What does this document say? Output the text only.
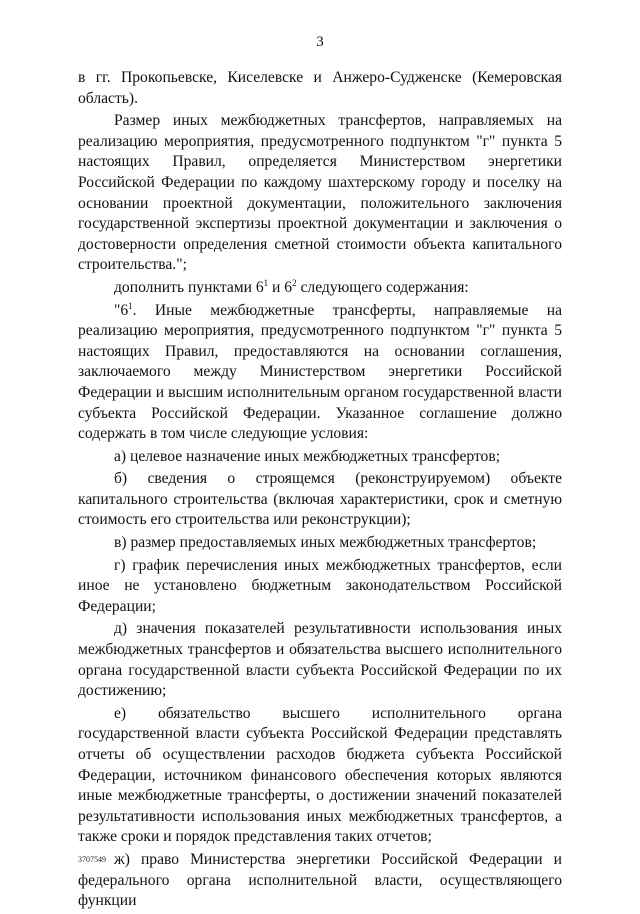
3

в гг. Прокопьевске, Киселевске и Анжеро-Судженске (Кемеровская область).

Размер иных межбюджетных трансфертов, направляемых на реализацию мероприятия, предусмотренного подпунктом "г" пункта 5 настоящих Правил, определяется Министерством энергетики Российской Федерации по каждому шахтерскому городу и поселку на основании проектной документации, положительного заключения государственной экспертизы проектной документации и заключения о достоверности определения сметной стоимости объекта капитального строительства.";

дополнить пунктами $6^1$ и $6^2$ следующего содержания:

"$6^1$. Иные межбюджетные трансферты, направляемые на реализацию мероприятия, предусмотренного подпунктом "г" пункта 5 настоящих Правил, предоставляются на основании соглашения, заключаемого между Министерством энергетики Российской Федерации и высшим исполнительным органом государственной власти субъекта Российской Федерации. Указанное соглашение должно содержать в том числе следующие условия:

а) целевое назначение иных межбюджетных трансфертов;

б) сведения о строящемся (реконструируемом) объекте капитального строительства (включая характеристики, срок и сметную стоимость его строительства или реконструкции);

в) размер предоставляемых иных межбюджетных трансфертов;

г) график перечисления иных межбюджетных трансфертов, если иное не установлено бюджетным законодательством Российской Федерации;

д) значения показателей результативности использования иных межбюджетных трансфертов и обязательства высшего исполнительного органа государственной власти субъекта Российской Федерации по их достижению;

е) обязательство высшего исполнительного органа государственной власти субъекта Российской Федерации представлять отчеты об осуществлении расходов бюджета субъекта Российской Федерации, источником финансового обеспечения которых являются иные межбюджетные трансферты, о достижении значений показателей результативности использования иных межбюджетных трансфертов, а также сроки и порядок представления таких отчетов;

ж) право Министерства энергетики Российской Федерации и федерального органа исполнительной власти, осуществляющего функции

3707549
